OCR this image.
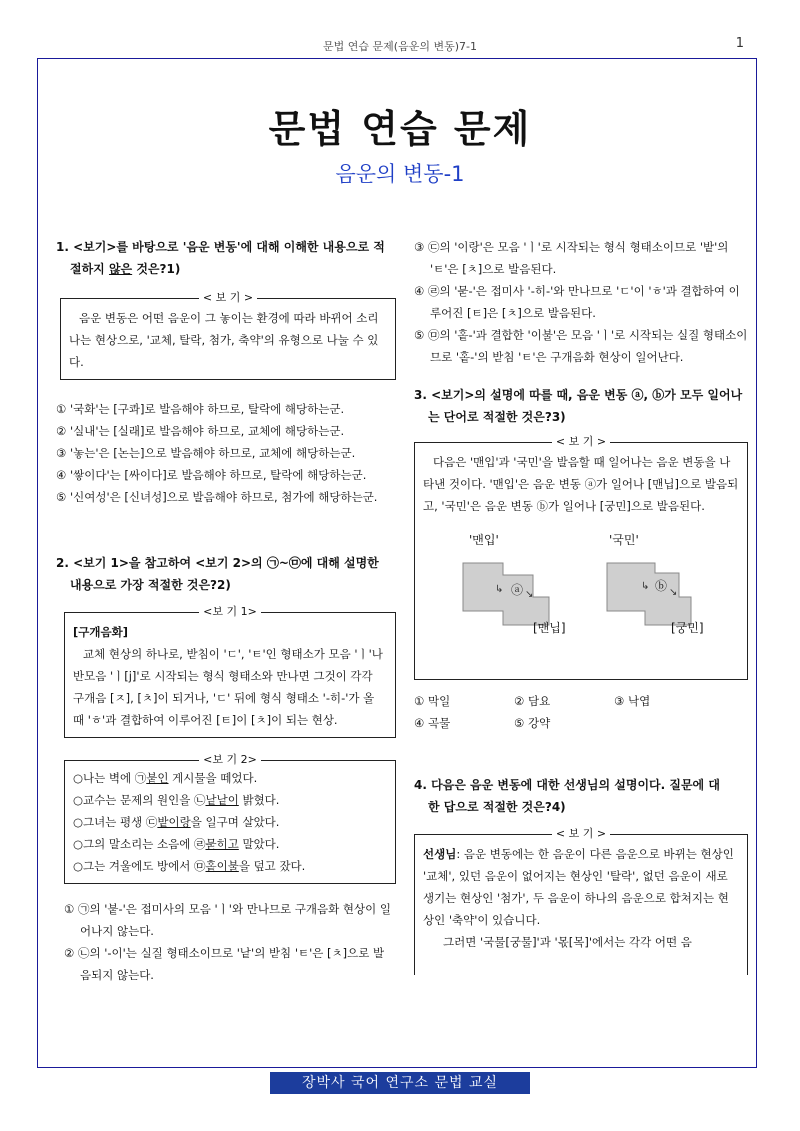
문법 연습 문제(음운의 변동)7-1	1
문법 연습 문제
음운의 변동-1

1. <보기>를 바탕으로 '음운 변동'에 대해 이해한 내용으로 적
절하지 않은 것은?1)

< 보 기 >

음운 변동은 어떤 음운이 그 놓이는 환경에 따라 바뀌어 소리 나는 현상으로, '교체, 탈락, 첨가, 축약'의 유형으로 나눌 수 있다.

① '국화'는 [구콰]로 발음해야 하므로, 탈락에 해당하는군.

② '실내'는 [실래]로 발음해야 하므로, 교체에 해당하는군.

③ '놓는'은 [논는]으로 발음해야 하므로, 교체에 해당하는군.

④ '쌓이다'는 [싸이다]로 발음해야 하므로, 탈락에 해당하는군.

⑤ '신여성'은 [신녀성]으로 발음해야 하므로, 첨가에 해당하는군.

2. <보기 1>을 참고하여 <보기 2>의 ㉠~㉤에 대해 설명한
내용으로 가장 적절한 것은?2)

<보 기 1>

[구개음화]

교체 현상의 하나로, 받침이 'ㄷ', 'ㅌ'인 형태소가 모음 'ㅣ'나 반모음 'ㅣ[j]'로 시작되는 형식 형태소와 만나면 그것이 각각 구개음 [ㅈ], [ㅊ]이 되거나, 'ㄷ' 뒤에 형식 형태소 '-히-'가 올 때 'ㅎ'과 결합하여 이루어진 [ㅌ]이 [ㅊ]이 되는 현상.

<보 기 2>

○나는 벽에 ㉠붙인 게시물을 떼었다.

○교수는 문제의 원인을 ㉡낱낱이 밝혔다.

○그녀는 평생 ㉢밭이랑을 일구며 살았다.

○그의 말소리는 소음에 ㉣묻히고 말았다.

○그는 겨울에도 방에서 ㉤홑이불을 덮고 잤다.

① ㉠의 '붙-'은 접미사의 모음 'ㅣ'와 만나므로 구개음화 현상이 일어나지 않는다.

② ㉡의 '-이'는 실질 형태소이므로 '낱'의 받침 'ㅌ'은 [ㅊ]으로 발음되지 않는다.

③ ㉢의 '이랑'은 모음 'ㅣ'로 시작되는 형식 형태소이므로 '밭'의 'ㅌ'은 [ㅊ]으로 발음된다.

④ ㉣의 '묻-'은 접미사 '-히-'와 만나므로 'ㄷ'이 'ㅎ'과 결합하여 이루어진 [ㅌ]은 [ㅊ]으로 발음된다.

⑤ ㉤의 '홑-'과 결합한 '이불'은 모음 'ㅣ'로 시작되는 실질 형태소이므로 '홑-'의 받침 'ㅌ'은 구개음화 현상이 일어난다.

3. <보기>의 설명에 따를 때, 음운 변동 ⓐ, ⓑ가 모두 일어나
는 단어로 적절한 것은?3)

< 보 기 >

다음은 '맨입'과 '국민'을 발음할 때 일어나는 음운 변동을 나타낸 것이다. '맨입'은 음운 변동 ⓐ가 일어나 [맨닙]으로 발음되고, '국민'은 음운 변동 ⓑ가 일어나 [궁민]으로 발음된다.

↳ ↘
↳
↘
'맨입'	'국민'
ⓐ	ⓑ
[맨닙]	[궁민]
① 막일	② 담요	③ 낙엽
④ 곡물	⑤ 강약

4. 다음은 음운 변동에 대한 선생님의 설명이다. 질문에 대
한 답으로 적절한 것은?4)

< 보 기 >

선생님: 음운 변동에는 한 음운이 다른 음운으로 바뀌는 현상인 '교체', 있던 음운이 없어지는 현상인 '탈락', 없던 음운이 새로 생기는 현상인 '첨가', 두 음운이 하나의 음운으로 합쳐지는 현상인 '축약'이 있습니다.

그러면 '국물[궁물]'과 '몫[목]'에서는 각각 어떤 음

장박사 국어 연구소 문법 교실
